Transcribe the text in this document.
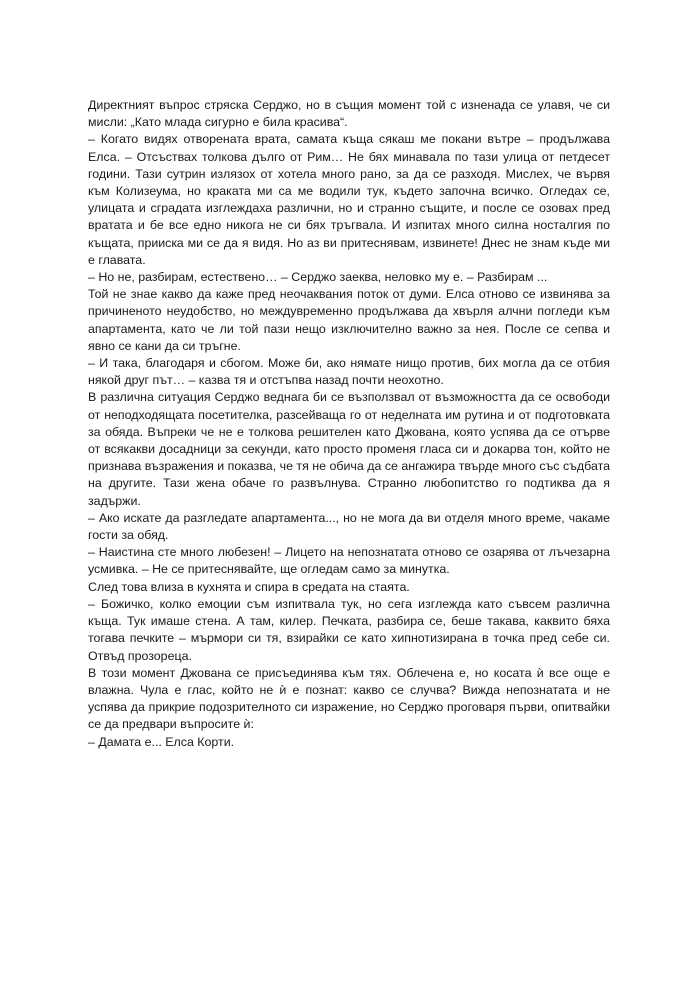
Директният въпрос стряска Серджо, но в същия момент той с изненада се улавя, че си мисли: „Като млада сигурно е била красива“.

– Когато видях отворената врата, самата къща сякаш ме покани вътре – продължава Елса. – Отсъствах толкова дълго от Рим… Не бях минавала по тази улица от петдесет години. Тази сутрин излязох от хотела много рано, за да се разходя. Мислех, че вървя към Колизеума, но краката ми са ме водили тук, където започна всичко. Огледах се, улицата и сградата изглеждаха различни, но и странно същите, и после се озовах пред вратата и бе все едно никога не си бях тръгвала. И изпитах много силна носталгия по къщата, приискa ми се да я видя. Но аз ви притеснявам, извинете! Днес не знам къде ми е главата.

– Но не, разбирам, естествено… – Серджо заеква, неловко му е. – Разбирам ...

Той не знае какво да каже пред неочаквания поток от думи. Елса отново се извинява за причиненото неудобство, но междувременно продължава да хвърля алчни погледи към апартамента, като че ли той пази нещо изключително важно за нея. После се сепва и явно се кани да си тръгне.

– И така, благодаря и сбогом. Може би, ако нямате нищо против, бих могла да се отбия някой друг път… – казва тя и отстъпва назад почти неохотно.

В различна ситуация Серджо веднага би се възползвал от възможността да се освободи от неподходящата посетителка, разсейваща го от неделната им рутина и от подготовката за обяда. Въпреки че не е толкова решителен като Джована, която успява да се отърве от всякакви досадници за секунди, като просто променя гласа си и докарва тон, който не признава възражения и показва, че тя не обича да се ангажира твърде много със съдбата на другите. Тази жена обаче го развълнува. Странно любопитство го подтиква да я задържи.

– Ако искате да разгледате апартамента..., но не мога да ви отделя много време, чакаме гости за обяд.

– Наистина сте много любезен! – Лицето на непознатата отново се озарява от лъчезарна усмивка. – Не се притеснявайте, ще огледам само за минутка.

След това влиза в кухнята и спира в средата на стаята.

– Божичко, колко емоции съм изпитвала тук, но сега изглежда като съвсем различна къща. Тук имаше стена. А там, килер. Печката, разбира се, беше такава, каквито бяха тогава печките – мърмори си тя, взирайки се като хипнотизирана в точка пред себе си. Отвъд прозореца.

В този момент Джована се присъединява към тях. Облечена е, но косата ѝ все още е влажна. Чула е глас, който не ѝ е познат: какво се случва? Вижда непознатата и не успява да прикрие подозрителното си изражение, но Серджо проговаря първи, опитвайки се да предвари въпросите ѝ:

– Дамата е... Елса Корти.
